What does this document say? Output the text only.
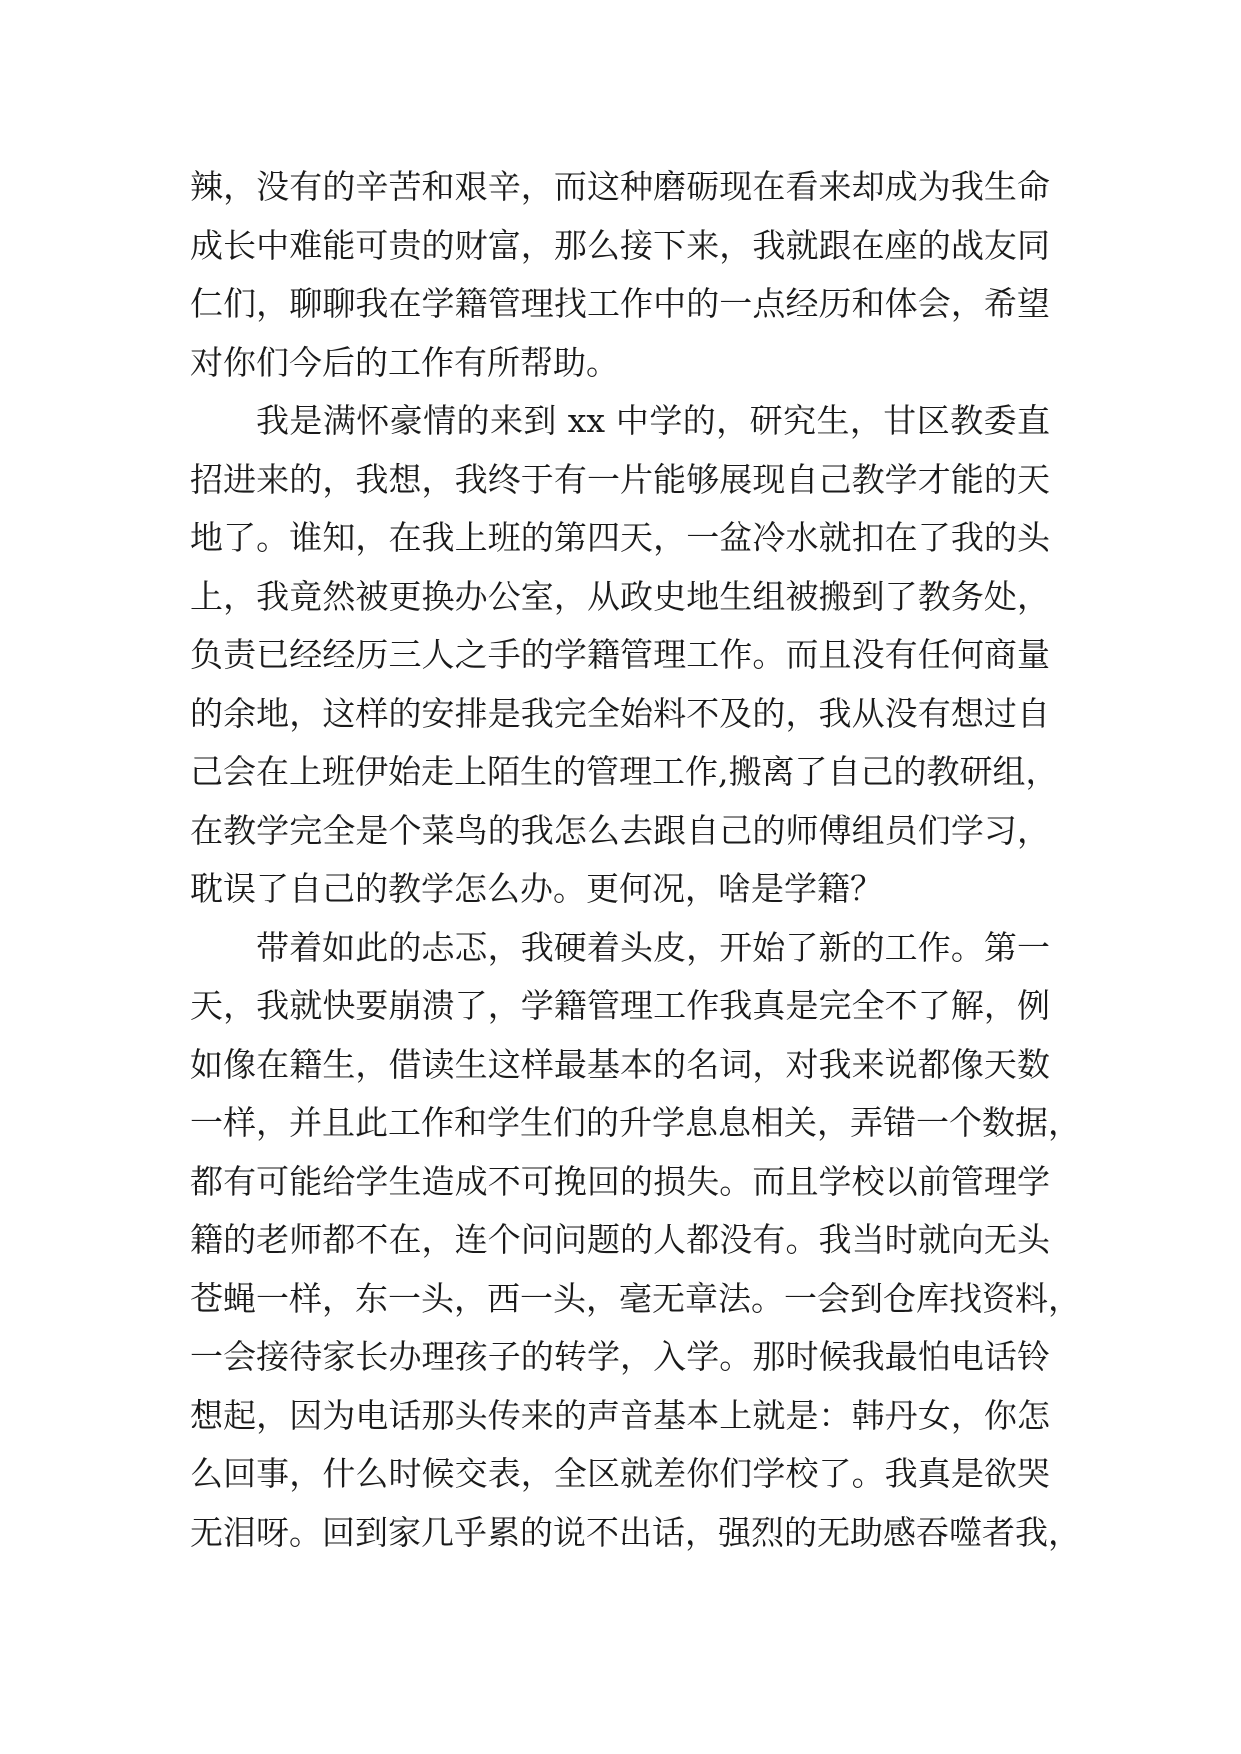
辣，没有的辛苦和艰辛，而这种磨砺现在看来却成为我生命
成长中难能可贵的财富，那么接下来，我就跟在座的战友同
仁们，聊聊我在学籍管理找工作中的一点经历和体会，希望
对你们今后的工作有所帮助。
我是满怀豪情的来到 xx 中学的，研究生，甘区教委直
招进来的，我想，我终于有一片能够展现自己教学才能的天
地了。谁知，在我上班的第四天，一盆冷水就扣在了我的头
上，我竟然被更换办公室，从政史地生组被搬到了教务处，
负责已经经历三人之手的学籍管理工作。而且没有任何商量
的余地，这样的安排是我完全始料不及的，我从没有想过自
己会在上班伊始走上陌生的管理工作,搬离了自己的教研组，
在教学完全是个菜鸟的我怎么去跟自己的师傅组员们学习，
耽误了自己的教学怎么办。更何况，啥是学籍？
带着如此的忐忑，我硬着头皮，开始了新的工作。第一
天，我就快要崩溃了，学籍管理工作我真是完全不了解，例
如像在籍生，借读生这样最基本的名词，对我来说都像天数
一样，并且此工作和学生们的升学息息相关，弄错一个数据，
都有可能给学生造成不可挽回的损失。而且学校以前管理学
籍的老师都不在，连个问问题的人都没有。我当时就向无头
苍蝇一样，东一头，西一头，毫无章法。一会到仓库找资料，
一会接待家长办理孩子的转学，入学。那时候我最怕电话铃
想起，因为电话那头传来的声音基本上就是：韩丹女，你怎
么回事，什么时候交表，全区就差你们学校了。我真是欲哭
无泪呀。回到家几乎累的说不出话，强烈的无助感吞噬者我，
